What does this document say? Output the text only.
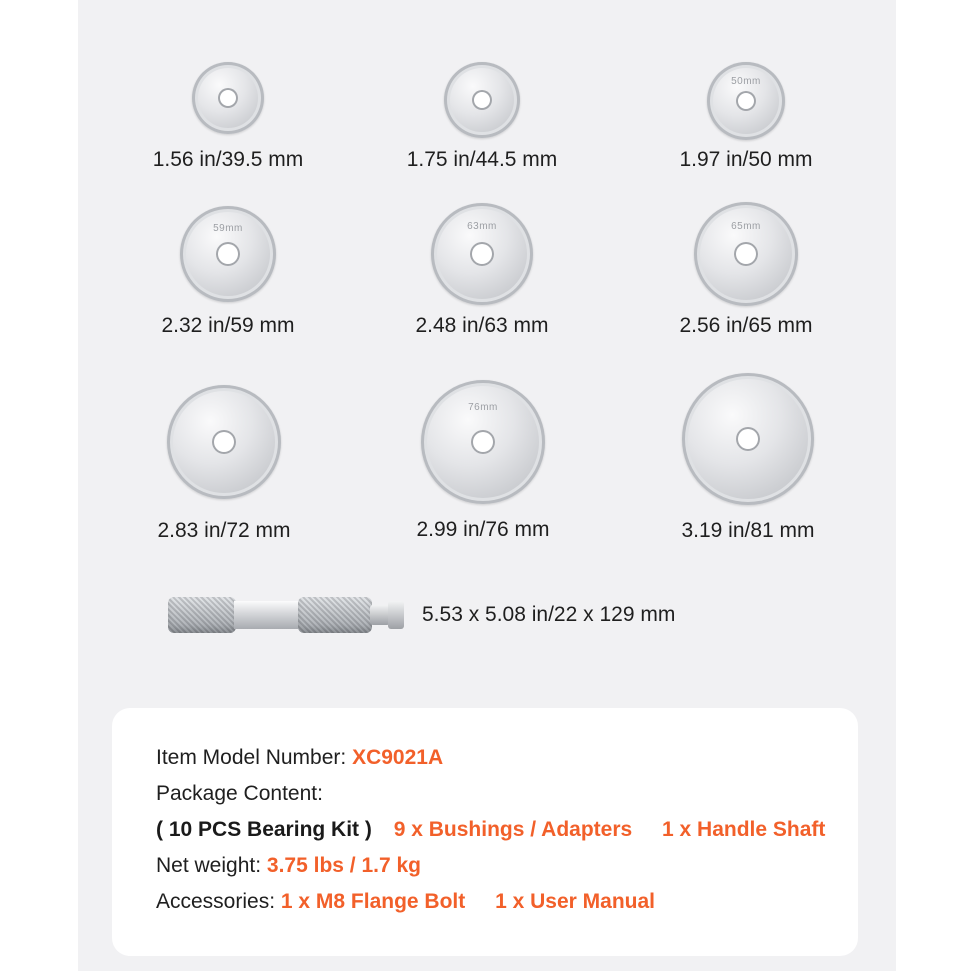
1.56 in/39.5 mm	1.75 in/44.5 mm
50mm
1.97 in/50 mm
59mm
2.32 in/59 mm
63mm
2.48 in/63 mm
65mm
2.56 in/65 mm
2.83 in/72 mm
76mm
2.99 in/76 mm	3.19 in/81 mm
5.53 x 5.08 in/22 x 129 mm
Item Model Number: XC9021A
Package Content:
( 10 PCS Bearing Kit ) 9 x Bushings / Adapters 1 x Handle Shaft
Net weight: 3.75 lbs / 1.7 kg
Accessories: 1 x M8 Flange Bolt 1 x User Manual
